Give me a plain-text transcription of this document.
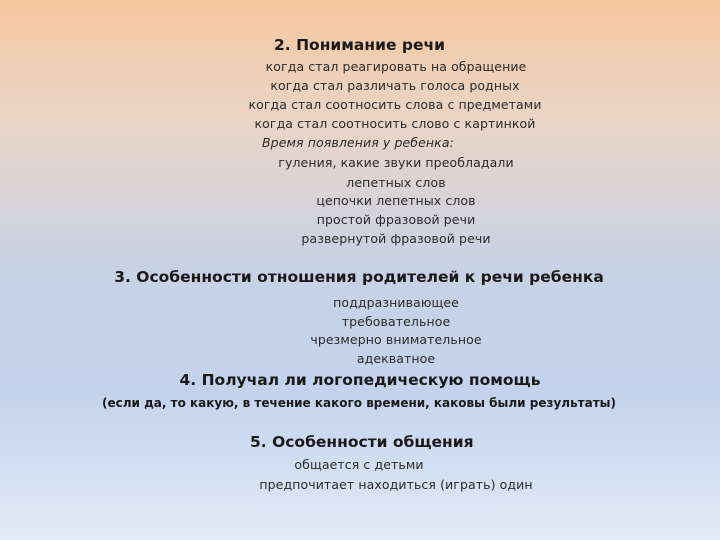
2. Понимание речи
когда стал реагировать на обращение
когда стал различать голоса родных
когда стал соотносить слова с предметами
когда стал соотносить слово с картинкой
Время появления у ребенка:
гуления, какие звуки преобладали
лепетных слов
цепочки лепетных слов
простой фразовой речи
развернутой фразовой речи
3. Особенности отношения родителей к речи ребенка
поддразнивающее
требовательное
чрезмерно внимательное
адекватное
4. Получал ли логопедическую помощь
(если да, то какую, в течение какого времени, каковы были результаты)
5. Особенности общения
общается с детьми
предпочитает находиться (играть) один
